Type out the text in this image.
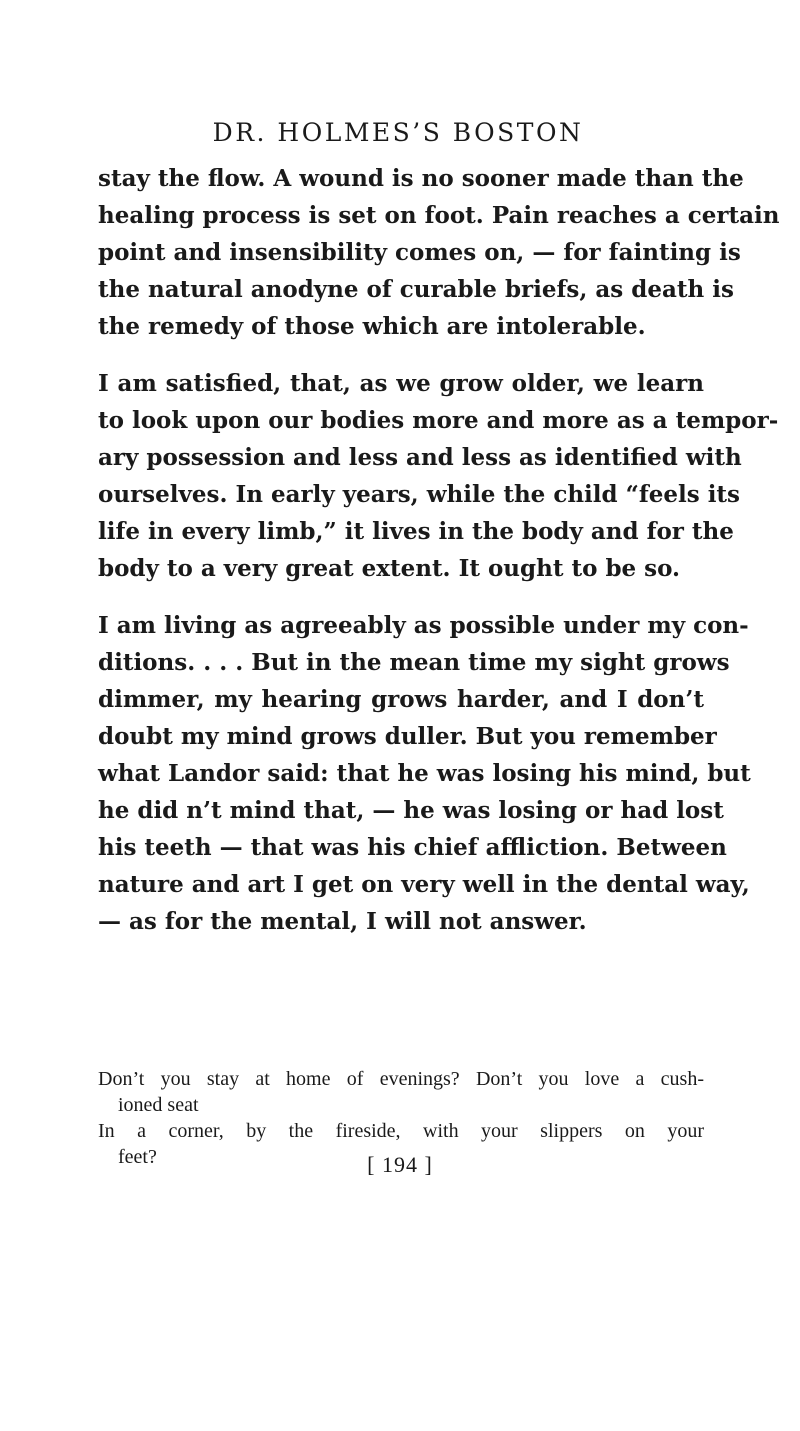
DR. HOLMES’S BOSTON

stay the flow. A wound is no sooner made than the
healing process is set on foot. Pain reaches a certain
point and insensibility comes on, — for fainting is
the natural anodyne of curable briefs, as death is
the remedy of those which are intolerable.

I am satisfied, that, as we grow older, we learn
to look upon our bodies more and more as a tempor-
ary possession and less and less as identified with
ourselves. In early years, while the child “feels its
life in every limb,” it lives in the body and for the
body to a very great extent. It ought to be so.

I am living as agreeably as possible under my con-
ditions. . . . But in the mean time my sight grows
dimmer, my hearing grows harder, and I don’t
doubt my mind grows duller. But you remember
what Landor said: that he was losing his mind, but
he did n’t mind that, — he was losing or had lost
his teeth — that was his chief affliction. Between
nature and art I get on very well in the dental way,
— as for the mental, I will not answer.

Don’t you stay at home of evenings? Don’t you love a cush-
ioned seat
In a corner, by the fireside, with your slippers on your
feet?	[ 194 ]
